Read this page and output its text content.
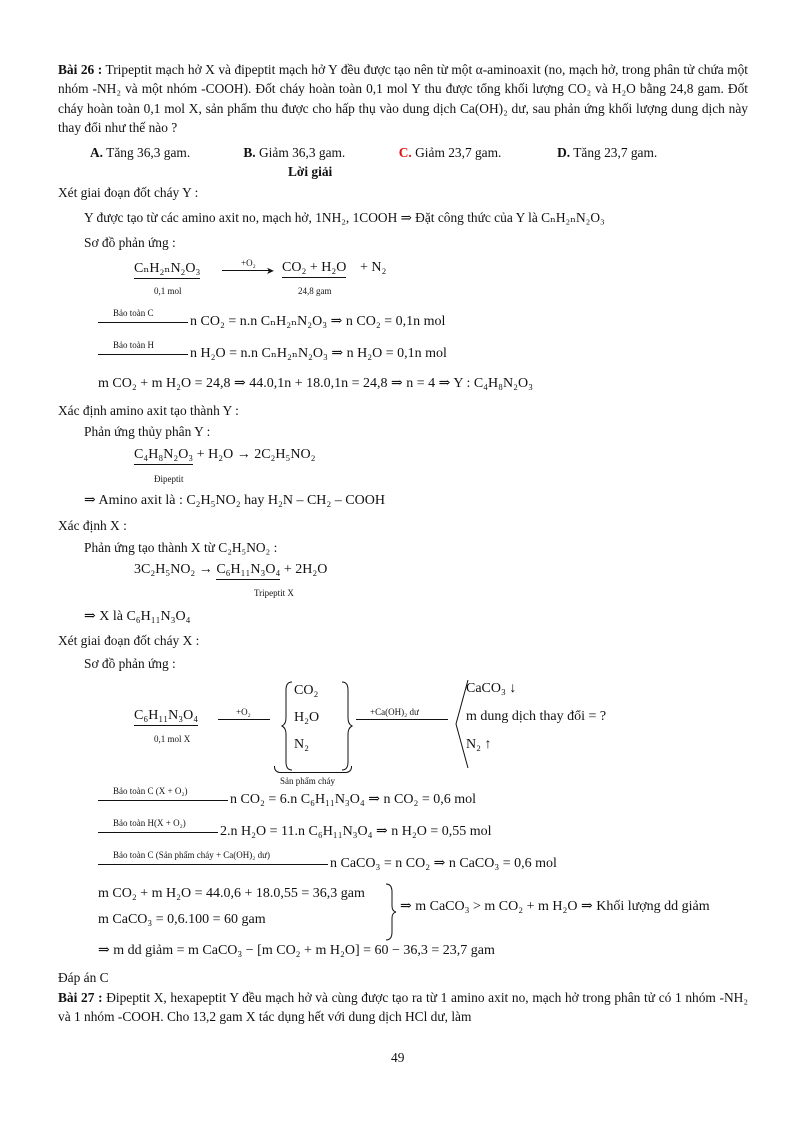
Bài 26 : Tripeptit mạch hở X và đipeptit mạch hở Y đều được tạo nên từ một α-aminoaxit (no, mạch hở, trong phân tử chứa một nhóm -NH₂ và một nhóm -COOH). Đốt cháy hoàn toàn 0,1 mol Y thu được tổng khối lượng CO₂ và H₂O bằng 24,8 gam. Đốt cháy hoàn toàn 0,1 mol X, sản phẩm thu được cho hấp thụ vào dung dịch Ca(OH)₂ dư, sau phản ứng khối lượng dung dịch này thay đổi như thế nào ?

A. Tăng 36,3 gam.	B. Giảm 36,3 gam.	C. Giảm 23,7 gam.	D. Tăng 23,7 gam.
Lời giải
Xét giai đoạn đốt cháy Y :
Y được tạo từ các amino axit no, mạch hở, 1NH₂, 1COOH ⇒ Đặt công thức của Y là CₙH₂ₙN₂O₃
Sơ đồ phản ứng :
CₙH₂ₙN₂O₃
0,1 mol
+O₂
➤ CO₂ + H₂O
24,8 gam
+ N₂
Bảo toàn C
n CO₂ = n.n CₙH₂ₙN₂O₃ ⇒ n CO₂ = 0,1n mol
Bảo toàn H
n H₂O = n.n CₙH₂ₙN₂O₃ ⇒ n H₂O = 0,1n mol
m CO₂ + m H₂O = 24,8 ⇒ 44.0,1n + 18.0,1n = 24,8 ⇒ n = 4 ⇒ Y : C₄H₈N₂O₃
Xác định amino axit tạo thành Y :
Phản ứng thủy phân Y :
C₄H₈N₂O₃ + H₂O → 2C₂H₅NO₂
Đipeptit
⇒ Amino axit là : C₂H₅NO₂ hay H₂N – CH₂ – COOH
Xác định X :
Phản ứng tạo thành X từ C₂H₅NO₂ :
3C₂H₅NO₂ → C₆H₁₁N₃O₄ + 2H₂O
Tripeptit X
⇒ X là C₆H₁₁N₃O₄
Xét giai đoạn đốt cháy X :
Sơ đồ phản ứng :
C₆H₁₁N₃O₄
0,1 mol X
+O₂
CO₂
H₂O
N₂
Sản phẩm cháy
+Ca(OH)₂ dư
CaCO₃ ↓
m dung dịch thay đổi = ?
N₂ ↑
Bảo toàn C (X + O₂)
n CO₂ = 6.n C₆H₁₁N₃O₄ ⇒ n CO₂ = 0,6 mol
Bảo toàn H(X + O₂)
2.n H₂O = 11.n C₆H₁₁N₃O₄ ⇒ n H₂O = 0,55 mol
Bảo toàn C (Sản phẩm cháy + Ca(OH)₂ dư)
n CaCO₃ = n CO₂ ⇒ n CaCO₃ = 0,6 mol
m CO₂ + m H₂O = 44.0,6 + 18.0,55 = 36,3 gam
m CaCO₃ = 0,6.100 = 60 gam
⇒ m CaCO₃ > m CO₂ + m H₂O ⇒ Khối lượng dd giảm
⇒ m dd giảm = m CaCO₃ − [m CO₂ + m H₂O] = 60 − 36,3 = 23,7 gam
Đáp án C

Bài 27 : Đipeptit X, hexapeptit Y đều mạch hở và cùng được tạo ra từ 1 amino axit no, mạch hở trong phân tử có 1 nhóm -NH₂ và 1 nhóm -COOH. Cho 13,2 gam X tác dụng hết với dung dịch HCl dư, làm

49
